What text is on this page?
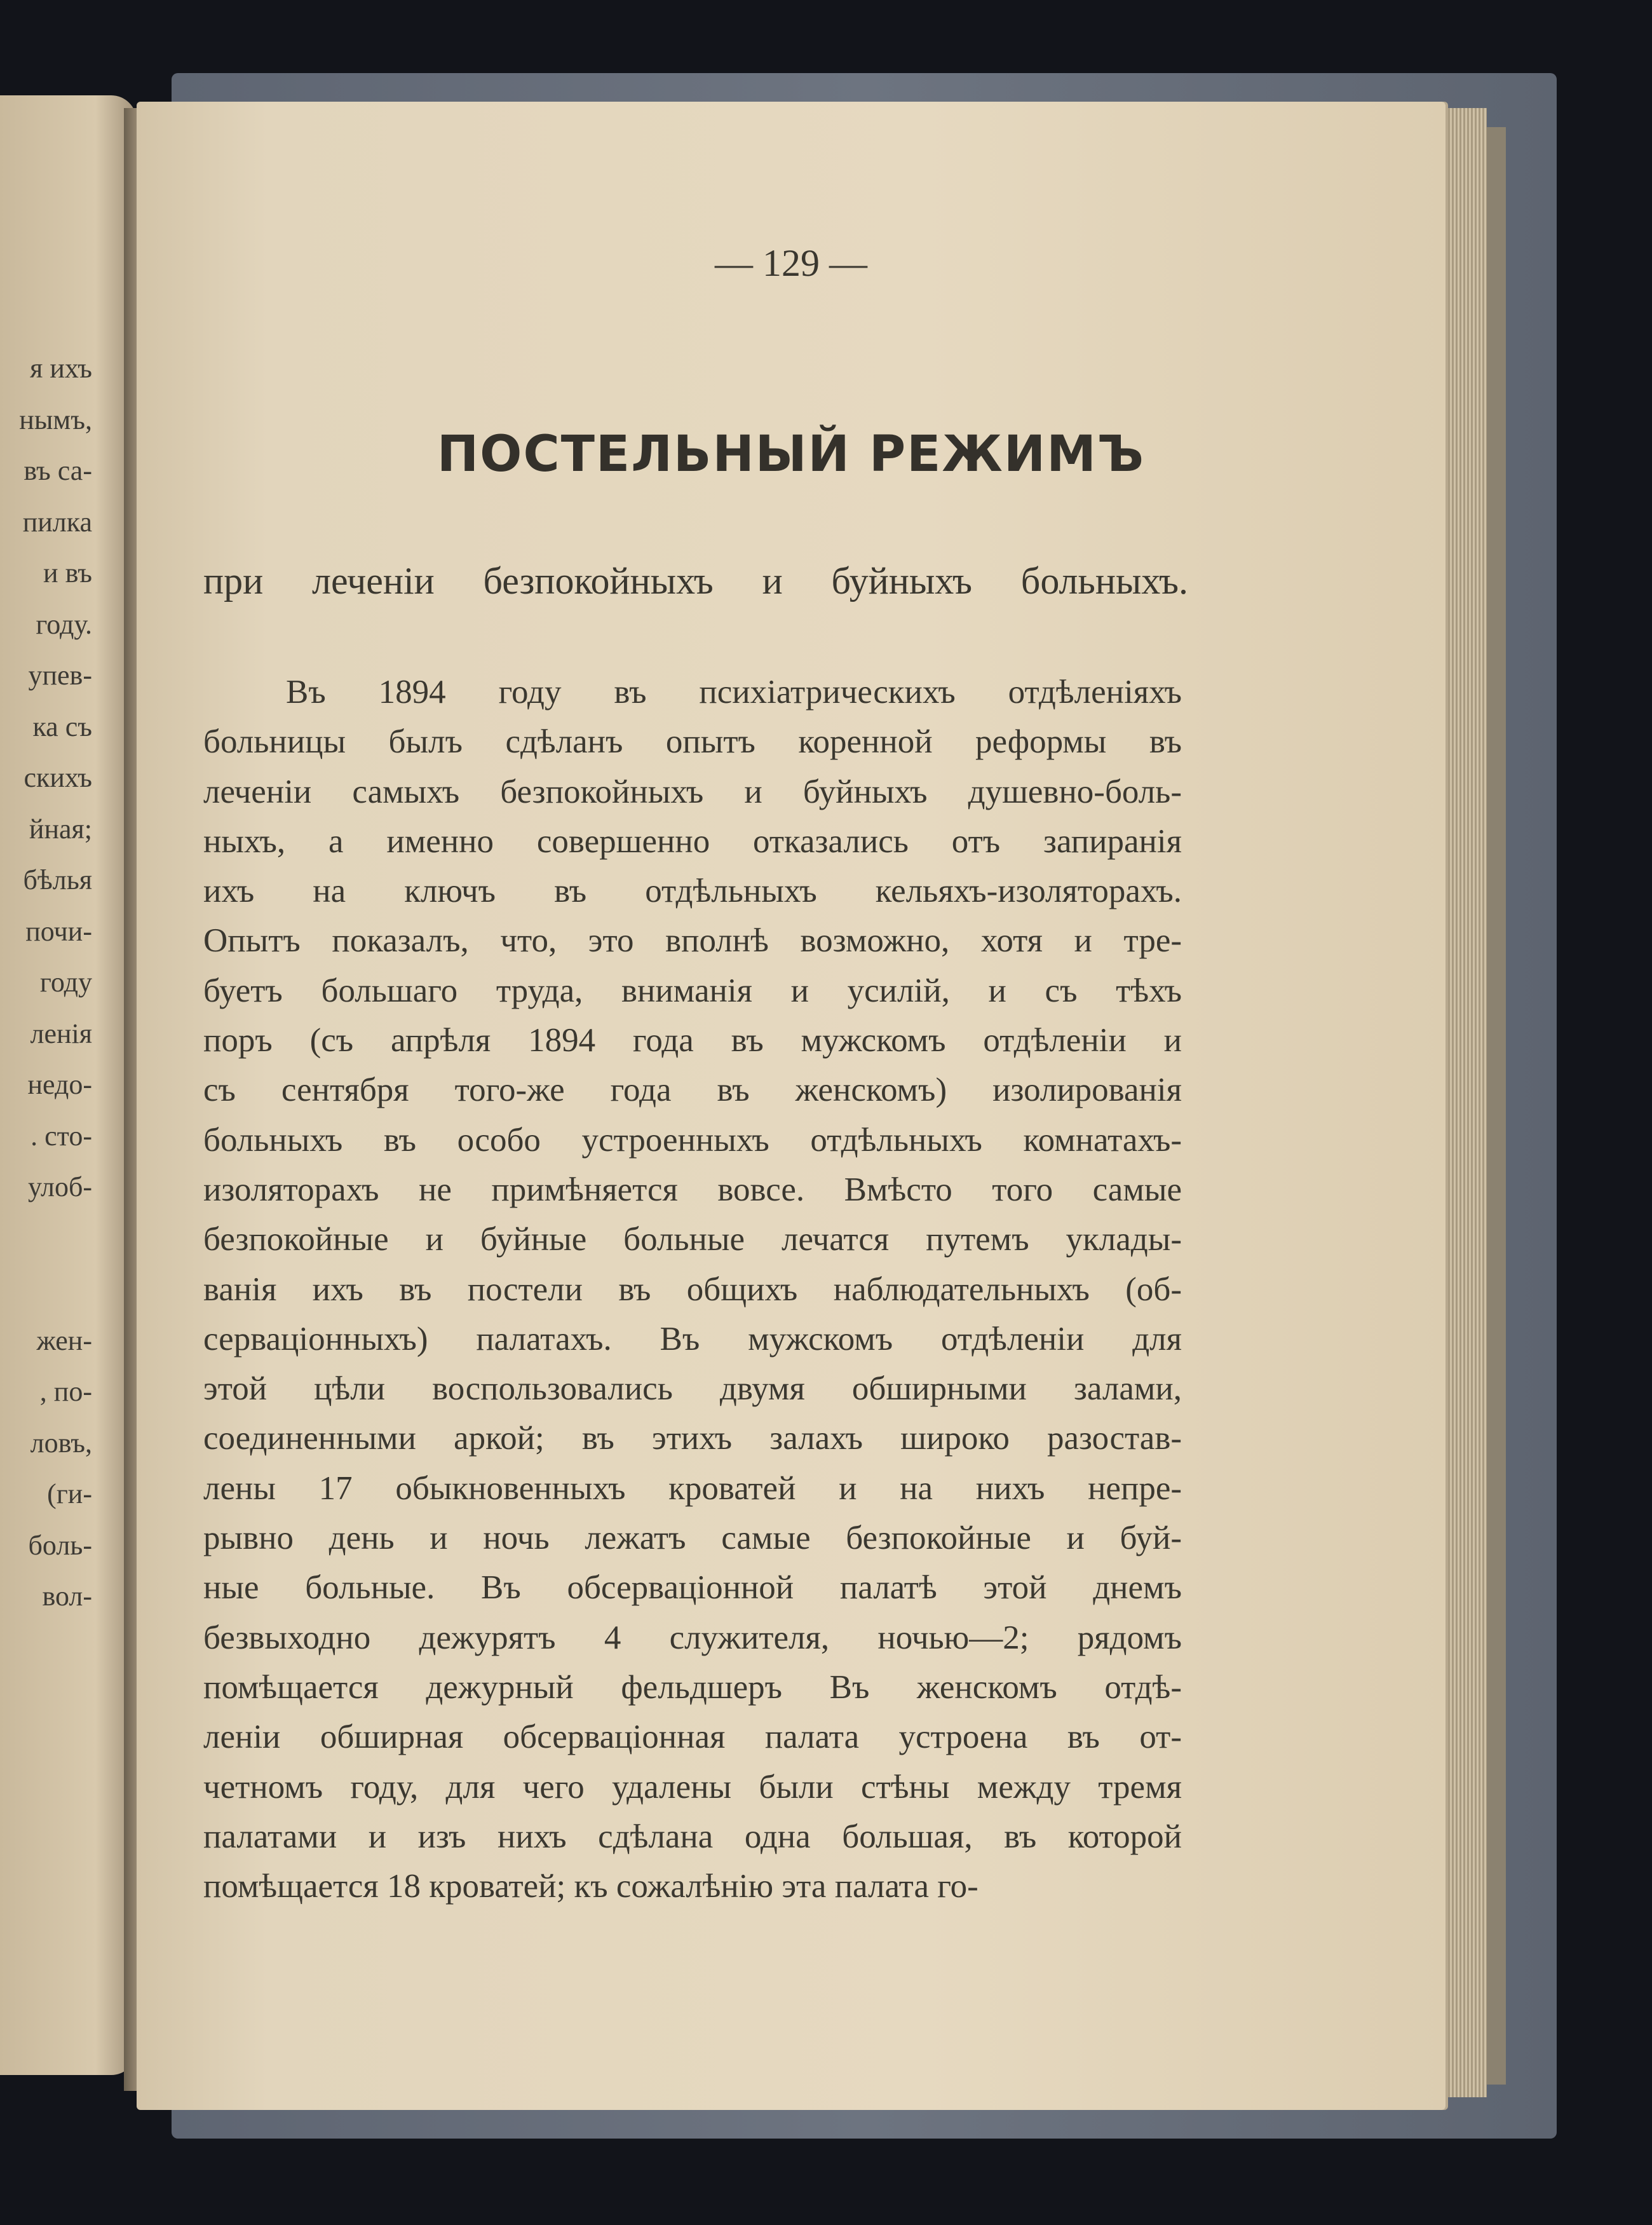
я ихъ
нымъ,
въ са-
пилка
и въ
году.
упев-
ка съ
скихъ
йная;
бѣлья
почи-
году
ленія
недо-
. сто-
улоб-

жен-
, по-
ловъ,
(ги-
боль-
вол-
— 129 —
ПОСТЕЛЬНЫЙ РЕЖИМЪ
при леченіи безпокойныхъ и буйныхъ больныхъ.
Въ 1894 году въ психіатрическихъ отдѣленіяхъ
больницы былъ сдѣланъ опытъ коренной реформы въ
леченіи самыхъ безпокойныхъ и буйныхъ душевно-боль-
ныхъ, а именно совершенно отказались отъ запиранія
ихъ на ключъ въ отдѣльныхъ кельяхъ-изоляторахъ.
Опытъ показалъ, что, это вполнѣ возможно, хотя и тре-
буетъ большаго труда, вниманія и усилій, и съ тѣхъ
поръ (съ апрѣля 1894 года въ мужскомъ отдѣленіи и
съ сентября того-же года въ женскомъ) изолированія
больныхъ въ особо устроенныхъ отдѣльныхъ комнатахъ-
изоляторахъ не примѣняется вовсе. Вмѣсто того самые
безпокойные и буйные больные лечатся путемъ уклады-
ванія ихъ въ постели въ общихъ наблюдательныхъ (об-
серваціонныхъ) палатахъ. Въ мужскомъ отдѣленіи для
этой цѣли воспользовались двумя обширными залами,
соединенными аркой; въ этихъ залахъ широко разостав-
лены 17 обыкновенныхъ кроватей и на нихъ непре-
рывно день и ночь лежатъ самые безпокойные и буй-
ные больные. Въ обсерваціонной палатѣ этой днемъ
безвыходно дежурятъ 4 служителя, ночью—2; рядомъ
помѣщается дежурный фельдшеръ Въ женскомъ отдѣ-
леніи обширная обсерваціонная палата устроена въ от-
четномъ году, для чего удалены были стѣны между тремя
палатами и изъ нихъ сдѣлана одна большая, въ которой
помѣщается 18 кроватей; къ сожалѣнію эта палата го-
